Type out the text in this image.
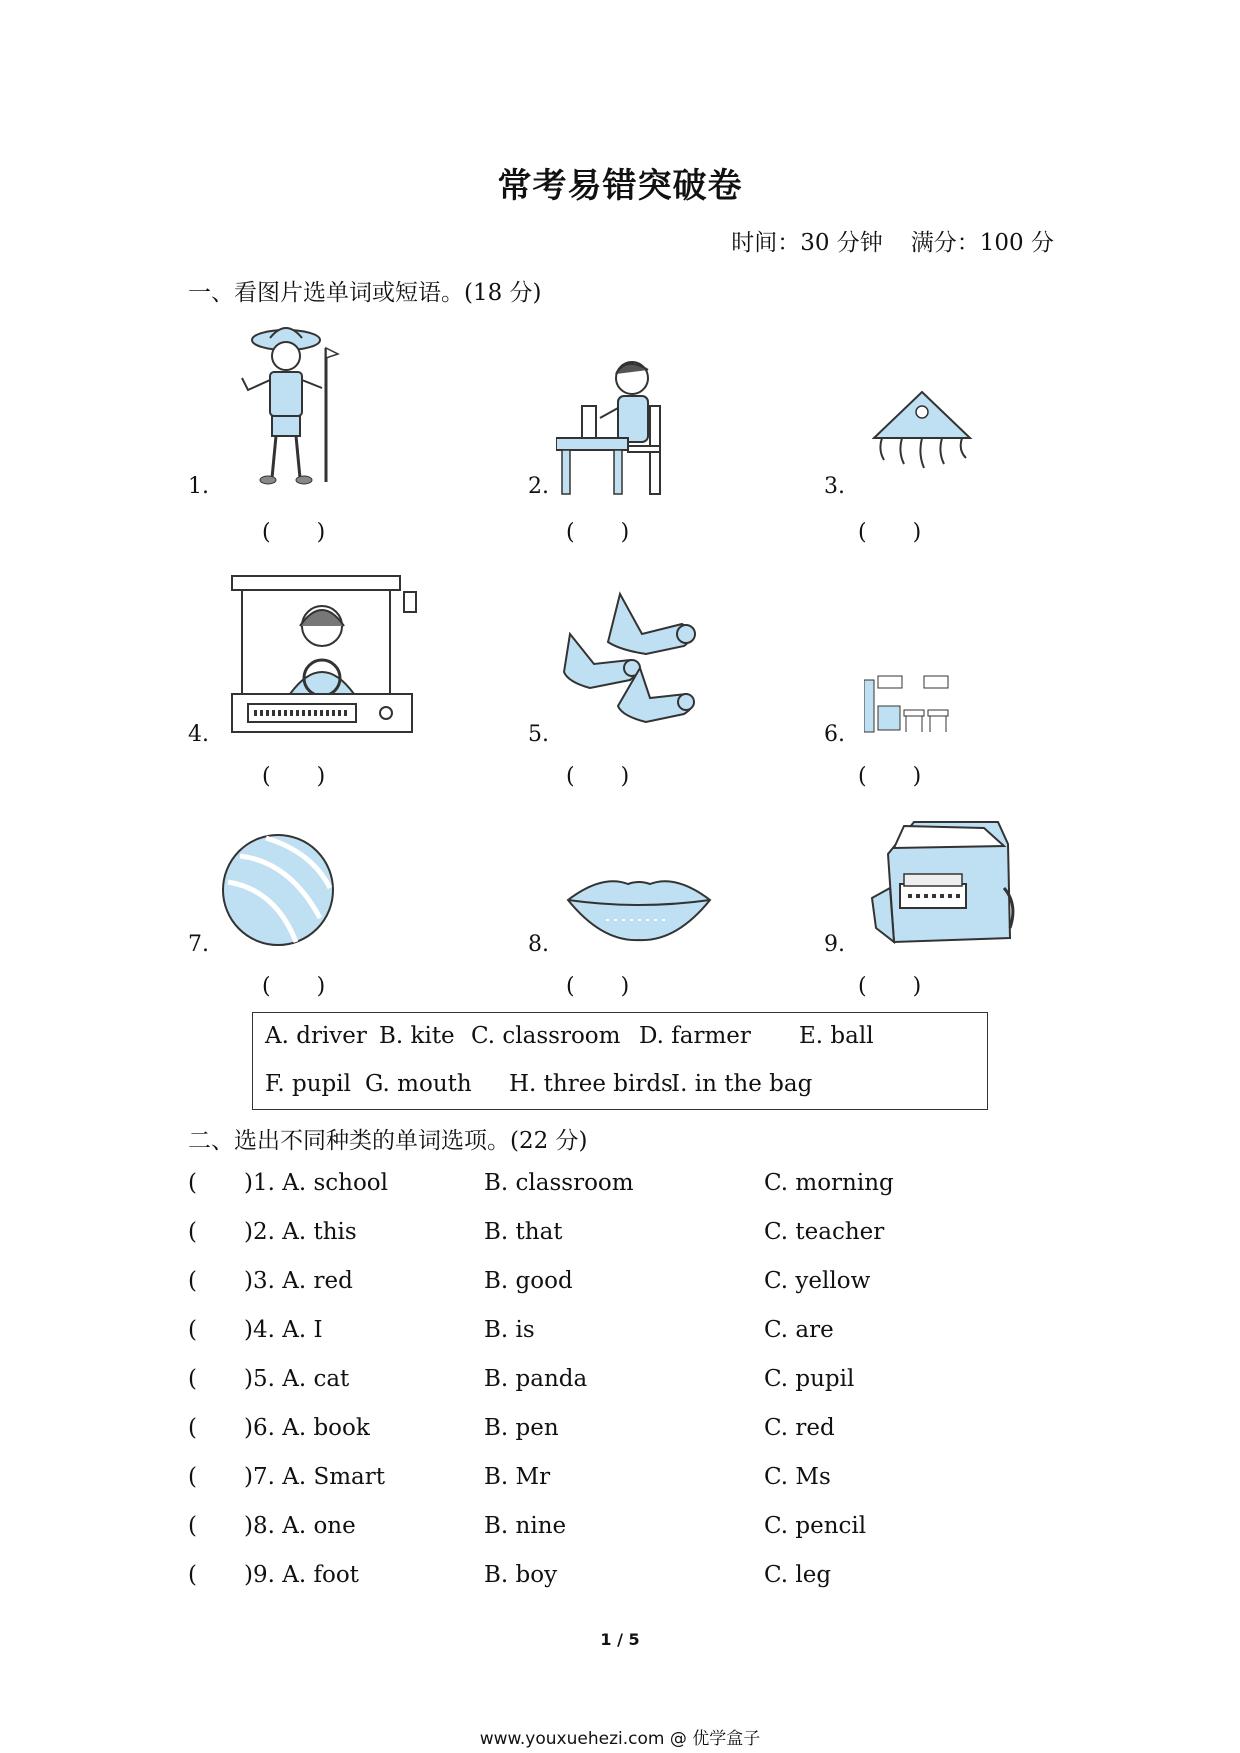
常考易错突破卷
时间：30 分钟 满分：100 分
一、看图片选单词或短语。(18 分)
1.
( )
2.
( )
3.
( )
4.
( )
5.
( )
6.
( )
7.
( )
8.
( )
9.
( )
A. driver B. kite C. classroom D. farmer E. ball
F. pupil G. mouth H. three birdsI. in the bag
二、选出不同种类的单词选项。(22 分)
( )1. A. school	B. classroom	C. morning
( )2. A. this	B. that	C. teacher
( )3. A. red	B. good	C. yellow
( )4. A. I	B. is	C. are
( )5. A. cat	B. panda	C. pupil
( )6. A. book	B. pen	C. red
( )7. A. Smart	B. Mr	C. Ms
( )8. A. one	B. nine	C. pencil
( )9. A. foot	B. boy	C. leg
1 / 5
www.youxuehezi.com @ 优学盒子
